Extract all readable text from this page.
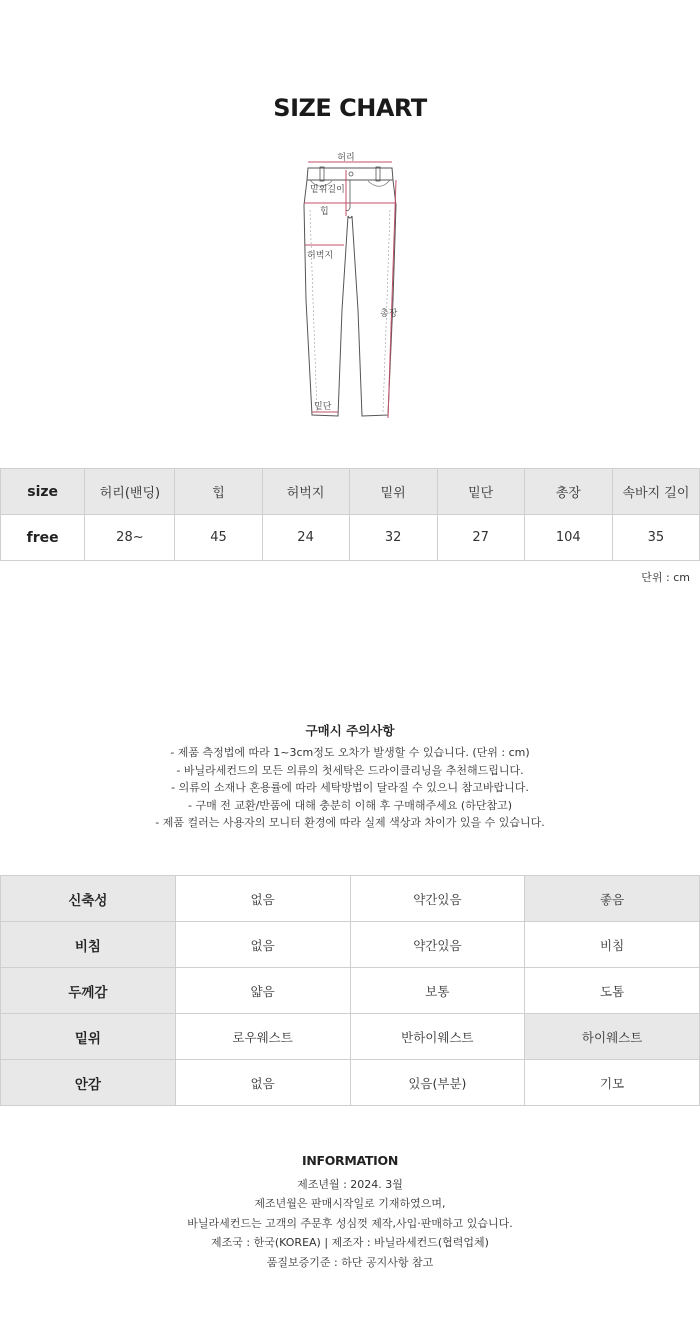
SIZE CHART
허리
밑위길이
힙
허벅지
총장
밑단
size	허리(밴딩)	힙	허벅지	밑위	밑단	총장	속바지 길이
free	28~	45	24	32	27	104	35
단위 : cm
구매시 주의사항
- 제품 측정법에 따라 1~3cm정도 오차가 발생할 수 있습니다. (단위 : cm)
- 바닐라세컨드의 모든 의류의 첫세탁은 드라이클리닝을 추천해드립니다.
- 의류의 소재나 혼용률에 따라 세탁방법이 달라질 수 있으니 참고바랍니다.
- 구매 전 교환/반품에 대해 충분히 이해 후 구매해주세요 (하단참고)
- 제품 컬러는 사용자의 모니터 환경에 따라 실제 색상과 차이가 있을 수 있습니다.
신축성	없음	약간있음	좋음
비침	없음	약간있음	비침
두께감	얇음	보통	도톰
밑위	로우웨스트	반하이웨스트	하이웨스트
안감	없음	있음(부분)	기모
INFORMATION
제조년월 : 2024. 3월
제조년월은 판매시작일로 기재하였으며,
바닐라세컨드는 고객의 주문후 성심껏 제작,사입·판매하고 있습니다.
제조국 : 한국(KOREA) | 제조자 : 바닐라세컨드(협력업체)
품질보증기준 : 하단 공지사항 참고
